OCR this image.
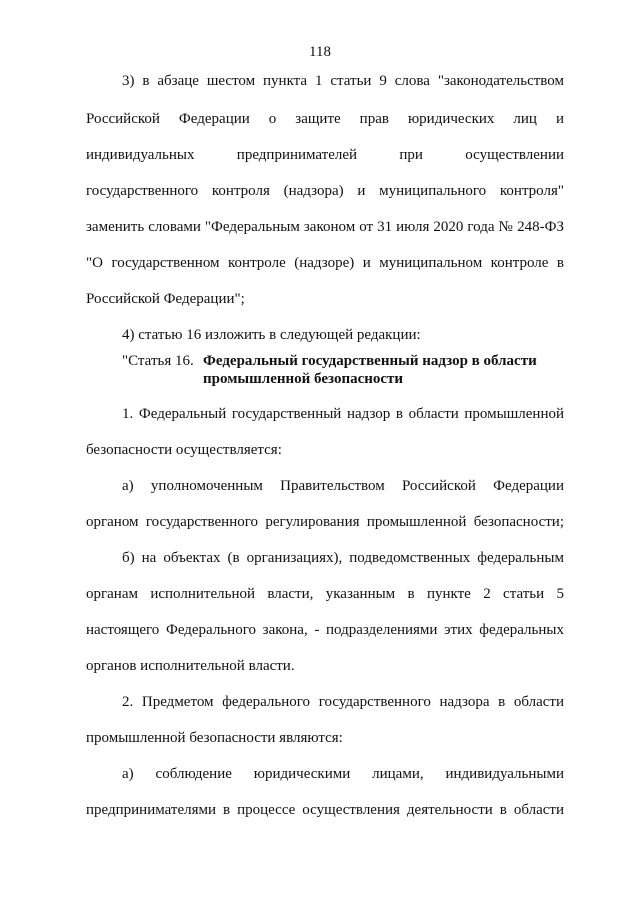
118
3) в абзаце шестом пункта 1 статьи 9 слова "законодательством
Российской Федерации о защите прав юридических лиц и
индивидуальных предпринимателей при осуществлении
государственного контроля (надзора) и муниципального контроля"
заменить словами "Федеральным законом от 31 июля 2020 года № 248-ФЗ
"О государственном контроле (надзоре) и муниципальном контроле в
Российской Федерации";
4) статью 16 изложить в следующей редакции:
"Статья 16. Федеральный государственный надзор в области
промышленной безопасности
1. Федеральный государственный надзор в области промышленной
безопасности осуществляется:
а) уполномоченным Правительством Российской Федерации
органом государственного регулирования промышленной безопасности;
б) на объектах (в организациях), подведомственных федеральным
органам исполнительной власти, указанным в пункте 2 статьи 5
настоящего Федерального закона, - подразделениями этих федеральных
органов исполнительной власти.
2. Предметом федерального государственного надзора в области
промышленной безопасности являются:
а) соблюдение юридическими лицами, индивидуальными
предпринимателями в процессе осуществления деятельности в области
